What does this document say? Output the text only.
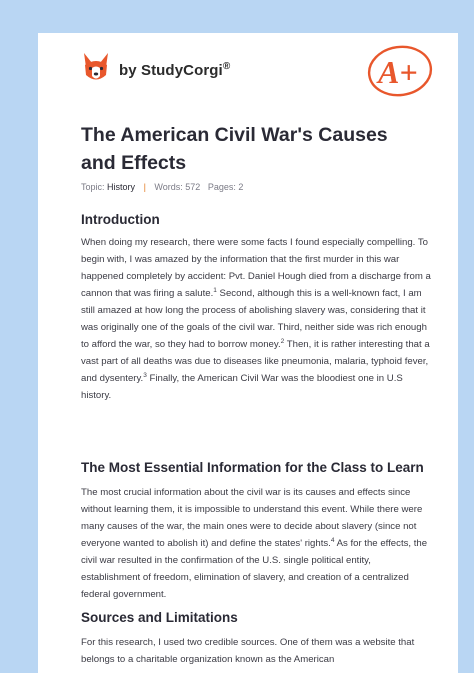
by StudyCorgi®	A+
The American Civil War's Causes and Effects
Topic: History | Words: 572 Pages: 2
Introduction

When doing my research, there were some facts I found especially compelling. To begin with, I was amazed by the information that the first murder in this war happened completely by accident: Pvt. Daniel Hough died from a discharge from a cannon that was firing a salute.$^1$ Second, although this is a well-known fact, I am still amazed at how long the process of abolishing slavery was, considering that it was originally one of the goals of the civil war. Third, neither side was rich enough to afford the war, so they had to borrow money.$^2$ Then, it is rather interesting that a vast part of all deaths was due to diseases like pneumonia, malaria, typhoid fever, and dysentery.$^3$ Finally, the American Civil War was the bloodiest one in U.S history.

The Most Essential Information for the Class to Learn

The most crucial information about the civil war is its causes and effects since without learning them, it is impossible to understand this event. While there were many causes of the war, the main ones were to decide about slavery (since not everyone wanted to abolish it) and define the states' rights.$^4$ As for the effects, the civil war resulted in the confirmation of the U.S. single political entity, establishment of freedom, elimination of slavery, and creation of a centralized federal government.

Sources and Limitations

For this research, I used two credible sources. One of them was a website that belongs to a charitable organization known as the American
